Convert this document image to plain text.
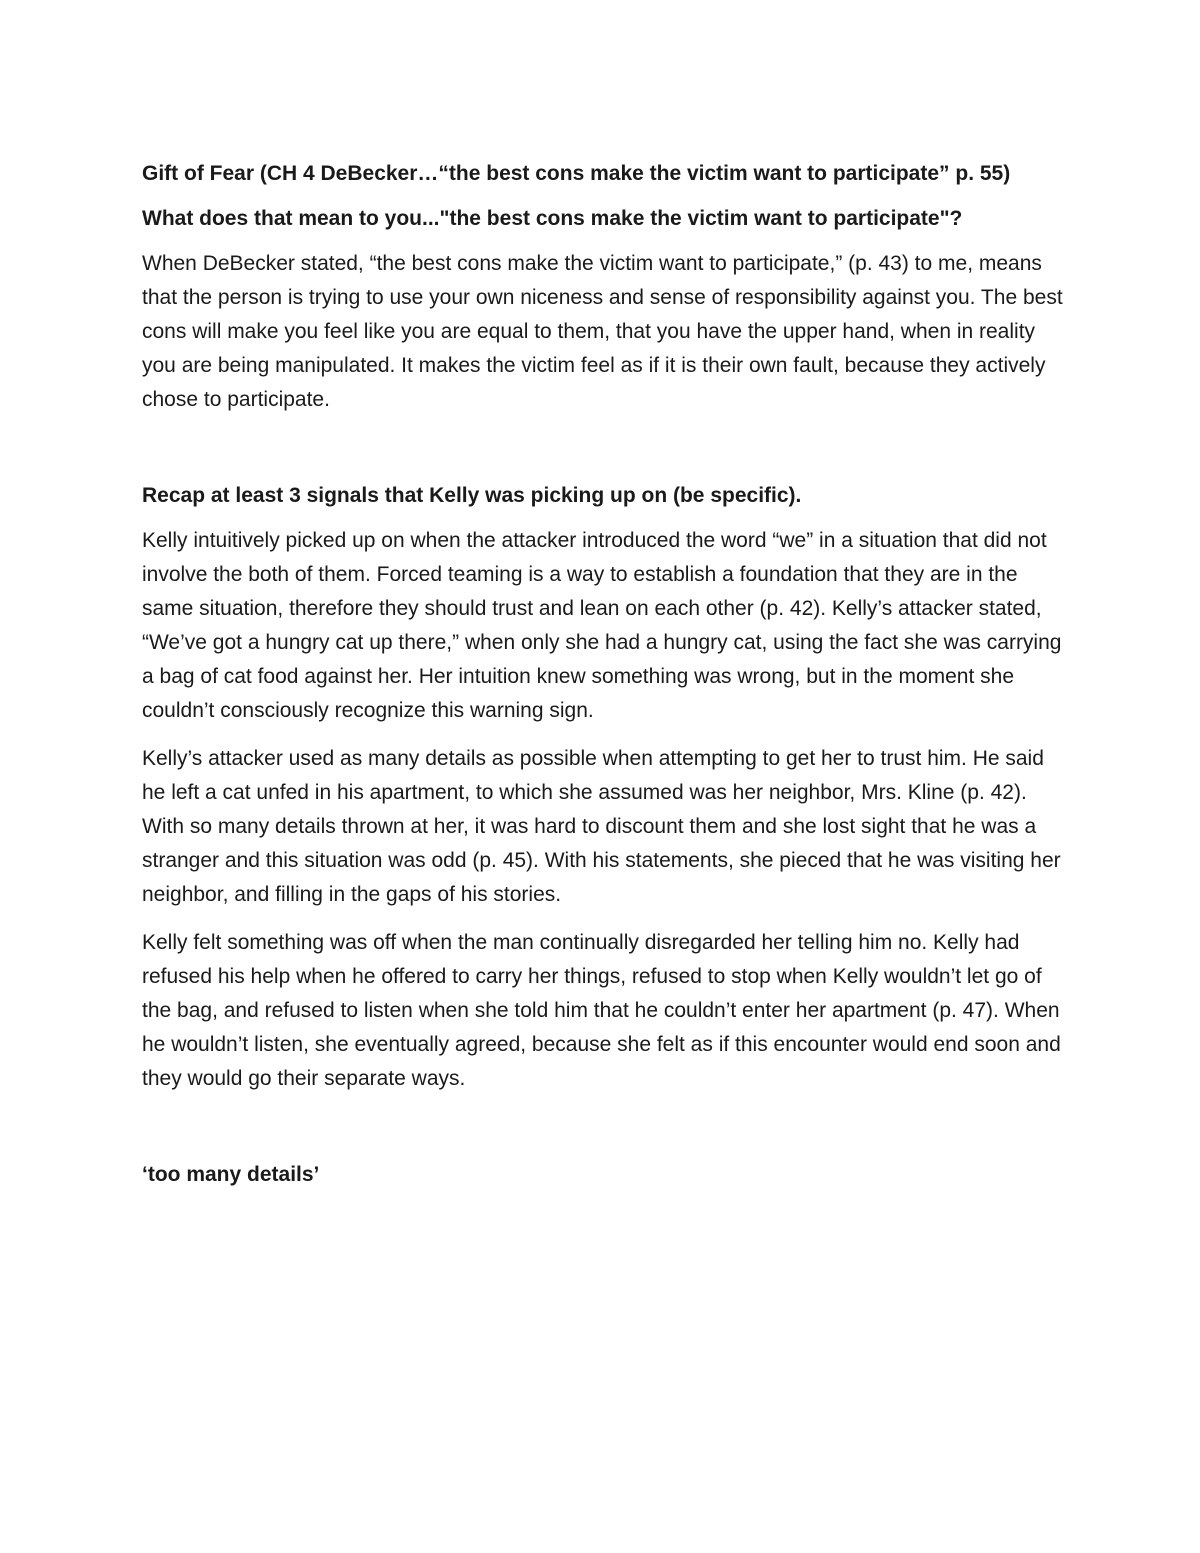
Gift of Fear (CH 4 DeBecker…“the best cons make the victim want to participate” p. 55)
What does that mean to you..."the best cons make the victim want to participate"?
When DeBecker stated, “the best cons make the victim want to participate,” (p. 43) to me, means that the person is trying to use your own niceness and sense of responsibility against you. The best cons will make you feel like you are equal to them, that you have the upper hand, when in reality you are being manipulated. It makes the victim feel as if it is their own fault, because they actively chose to participate.
Recap at least 3 signals that Kelly was picking up on (be specific).
Kelly intuitively picked up on when the attacker introduced the word “we” in a situation that did not involve the both of them. Forced teaming is a way to establish a foundation that they are in the same situation, therefore they should trust and lean on each other (p. 42). Kelly’s attacker stated, “We’ve got a hungry cat up there,” when only she had a hungry cat, using the fact she was carrying a bag of cat food against her. Her intuition knew something was wrong, but in the moment she couldn’t consciously recognize this warning sign.
Kelly’s attacker used as many details as possible when attempting to get her to trust him. He said he left a cat unfed in his apartment, to which she assumed was her neighbor, Mrs. Kline (p. 42). With so many details thrown at her, it was hard to discount them and she lost sight that he was a stranger and this situation was odd (p. 45). With his statements, she pieced that he was visiting her neighbor, and filling in the gaps of his stories.
Kelly felt something was off when the man continually disregarded her telling him no. Kelly had refused his help when he offered to carry her things, refused to stop when Kelly wouldn’t let go of the bag, and refused to listen when she told him that he couldn’t enter her apartment (p. 47). When he wouldn’t listen, she eventually agreed, because she felt as if this encounter would end soon and they would go their separate ways.
‘too many details’
